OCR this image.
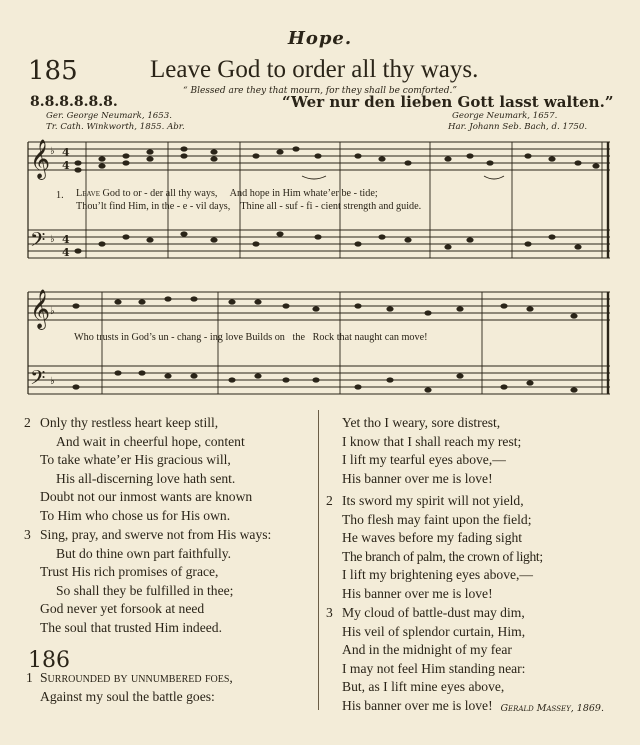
Hope.
185	Leave God to order all thy ways.
“ Blessed are they that mourn, for they shall be comforted.”
8.8.8.8.8.8.	“Wer nur den lieben Gott lasst walten.”
Ger. George Neumark, 1653.
Tr. Cath. Winkworth, 1855. Abr.
George Neumark, 1657.
Har. Johann Seb. Bach, d. 1750.
𝄞
𝄢
𝄞
𝄢
♭
♭
♭
♭
4
4
4
4
1. Leave God to or - der all thy ways, And hope in Him whate’er be - tide;
Thou’lt find Him, in the - e - vil days, Thine all - suf - fi - cient strength and guide.
Who trusts in God’s un - chang - ing love Builds on the Rock that naught can move!
2 Only thy restless heart keep still,
And wait in cheerful hope, content
To take whate’er His gracious will,
His all-discerning love hath sent.
Doubt not our inmost wants are known
To Him who chose us for His own.
3 Sing, pray, and swerve not from His ways:
But do thine own part faithfully.
Trust His rich promises of grace,
So shall they be fulfilled in thee;
God never yet forsook at need
The soul that trusted Him indeed.
186
1 Surrounded by unnumbered foes,
Against my soul the battle goes:
Yet tho I weary, sore distrest,
I know that I shall reach my rest;
I lift my tearful eyes above,—
His banner over me is love!
2 Its sword my spirit will not yield,
Tho flesh may faint upon the field;
He waves before my fading sight
The branch of palm, the crown of light;
I lift my brightening eyes above,—
His banner over me is love!
3 My cloud of battle-dust may dim,
His veil of splendor curtain, Him,
And in the midnight of my fear
I may not feel Him standing near:
But, as I lift mine eyes above,
His banner over me is love! Gerald Massey, 1869.
